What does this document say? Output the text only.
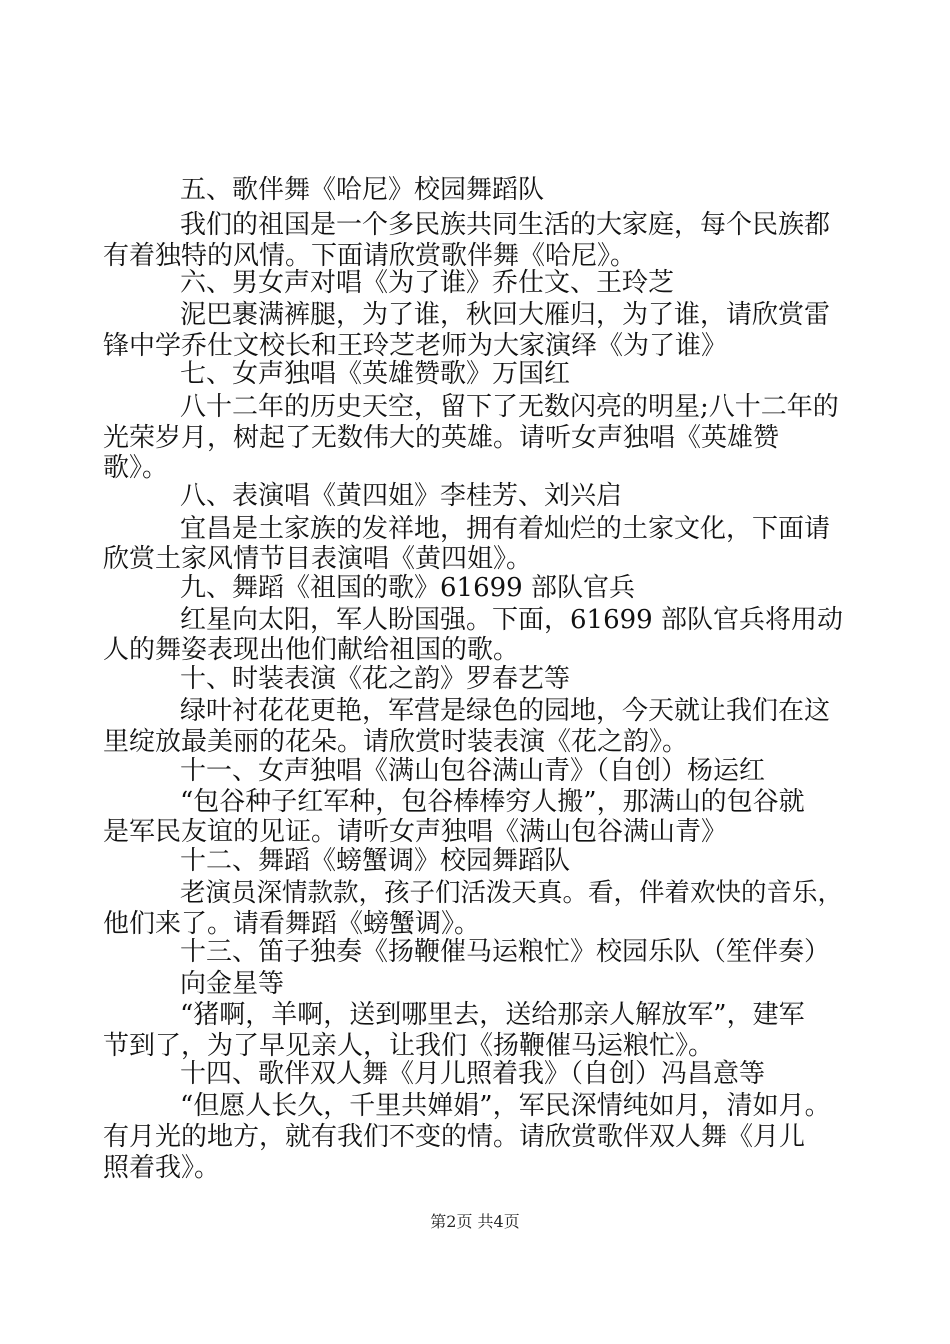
五、歌伴舞《哈尼》校园舞蹈队
我们的祖国是一个多民族共同生活的大家庭，每个民族都
有着独特的风情。下面请欣赏歌伴舞《哈尼》。
六、男女声对唱《为了谁》乔仕文、王玲芝
泥巴裹满裤腿，为了谁，秋回大雁归，为了谁，请欣赏雷
锋中学乔仕文校长和王玲芝老师为大家演绎《为了谁》
七、女声独唱《英雄赞歌》万国红
八十二年的历史天空，留下了无数闪亮的明星;八十二年的
光荣岁月，树起了无数伟大的英雄。请听女声独唱《英雄赞
歌》。
八、表演唱《黄四姐》李桂芳、刘兴启
宜昌是土家族的发祥地，拥有着灿烂的土家文化，下面请
欣赏土家风情节目表演唱《黄四姐》。
九、舞蹈《祖国的歌》61699 部队官兵
红星向太阳，军人盼国强。下面，61699 部队官兵将用动
人的舞姿表现出他们献给祖国的歌。
十、时装表演《花之韵》罗春艺等
绿叶衬花花更艳，军营是绿色的园地，今天就让我们在这
里绽放最美丽的花朵。请欣赏时装表演《花之韵》。
十一、女声独唱《满山包谷满山青》（自创）杨运红
“包谷种子红军种，包谷棒棒穷人搬”，那满山的包谷就
是军民友谊的见证。请听女声独唱《满山包谷满山青》
十二、舞蹈《螃蟹调》校园舞蹈队
老演员深情款款，孩子们活泼天真。看，伴着欢快的音乐，
他们来了。请看舞蹈《螃蟹调》。
十三、笛子独奏《扬鞭催马运粮忙》校园乐队（笙伴奏）
向金星等
“猪啊，羊啊，送到哪里去，送给那亲人解放军”，建军
节到了，为了早见亲人，让我们《扬鞭催马运粮忙》。
十四、歌伴双人舞《月儿照着我》（自创）冯昌意等
“但愿人长久，千里共婵娟”，军民深情纯如月，清如月。
有月光的地方，就有我们不变的情。请欣赏歌伴双人舞《月儿
照着我》。
第2页 共4页
